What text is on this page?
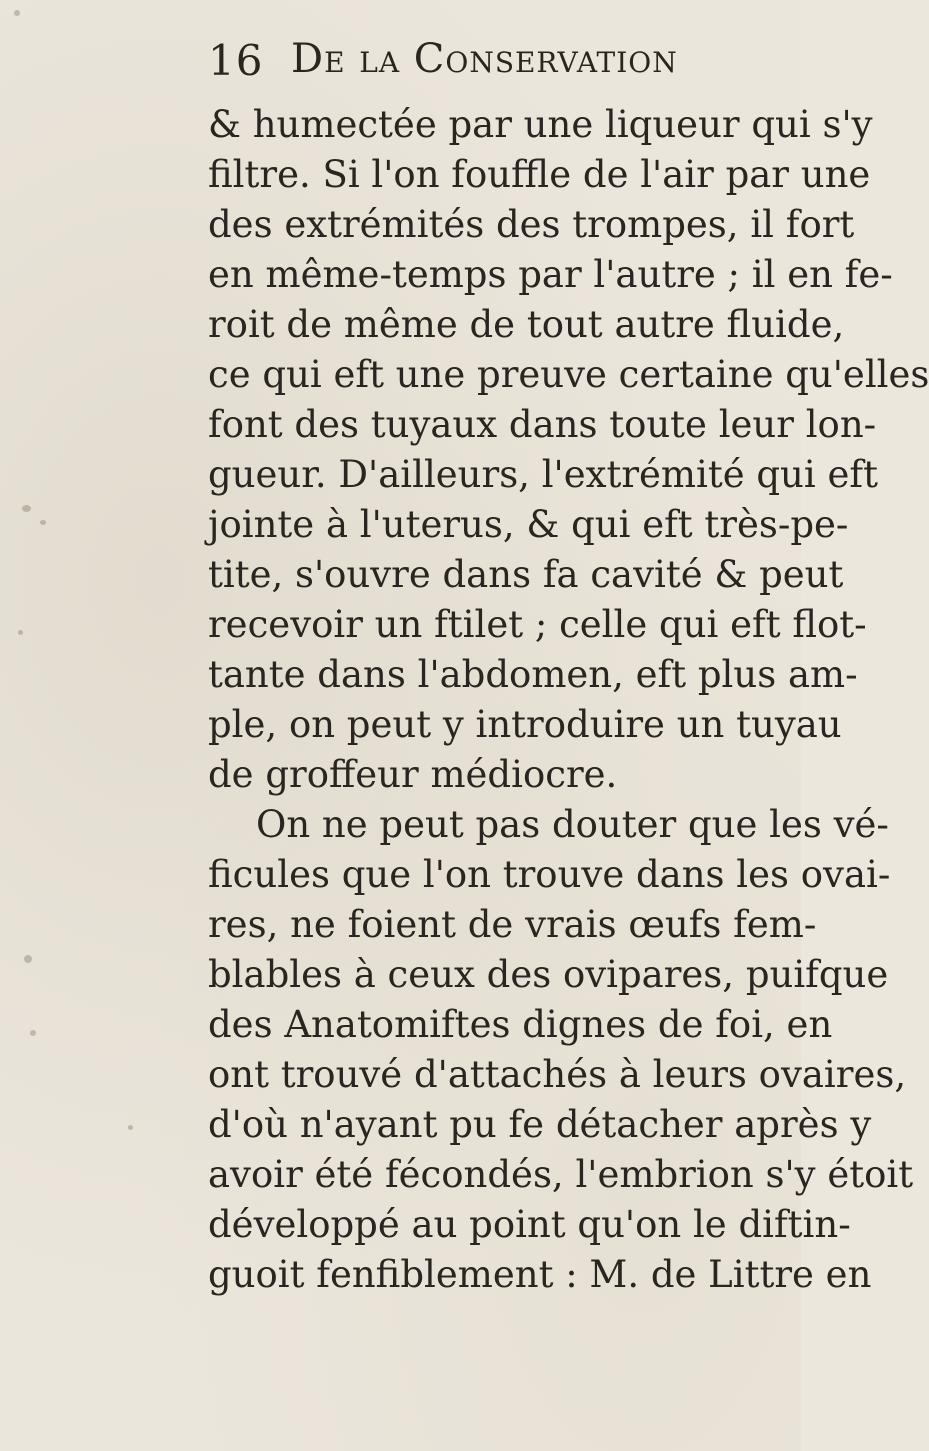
16 De la Conservation
& humectée par une liqueur qui s'y
filtre. Si l'on fouffle de l'air par une
des extrémités des trompes, il fort
en même-temps par l'autre ; il en fe-
roit de même de tout autre fluide,
ce qui eft une preuve certaine qu'elles
font des tuyaux dans toute leur lon-
gueur. D'ailleurs, l'extrémité qui eft
jointe à l'uterus, & qui eft très-pe-
tite, s'ouvre dans fa cavité & peut
recevoir un ftilet ; celle qui eft flot-
tante dans l'abdomen, eft plus am-
ple, on peut y introduire un tuyau
de groffeur médiocre.
On ne peut pas douter que les vé-
ficules que l'on trouve dans les ovai-
res, ne foient de vrais œufs fem-
blables à ceux des ovipares, puifque
des Anatomiftes dignes de foi, en
ont trouvé d'attachés à leurs ovaires,
d'où n'ayant pu fe détacher après y
avoir été fécondés, l'embrion s'y étoit
développé au point qu'on le diftin-
guoit fenfiblement : M. de Littre en
